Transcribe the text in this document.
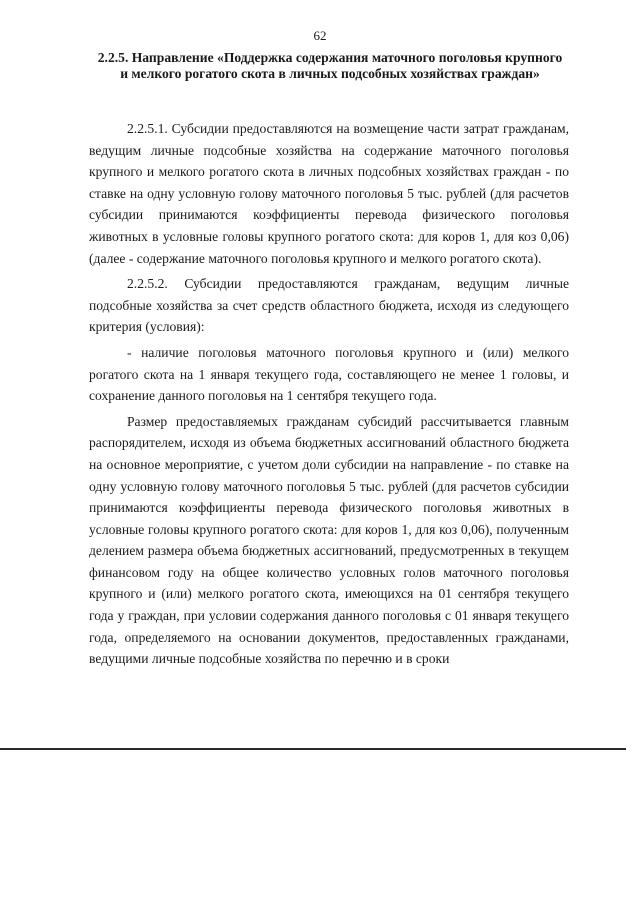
62
2.2.5. Направление «Поддержка содержания маточного поголовья крупного и мелкого рогатого скота в личных подсобных хозяйствах граждан»

2.2.5.1. Субсидии предоставляются на возмещение части затрат гражданам, ведущим личные подсобные хозяйства на содержание маточного поголовья крупного и мелкого рогатого скота в личных подсобных хозяйствах граждан - по ставке на одну условную голову маточного поголовья 5 тыс. рублей (для расчетов субсидии принимаются коэффициенты перевода физического поголовья животных в условные головы крупного рогатого скота: для коров 1, для коз 0,06) (далее - содержание маточного поголовья крупного и мелкого рогатого скота).

2.2.5.2. Субсидии предоставляются гражданам, ведущим личные подсобные хозяйства за счет средств областного бюджета, исходя из следующего критерия (условия):

- наличие поголовья маточного поголовья крупного и (или) мелкого рогатого скота на 1 января текущего года, составляющего не менее 1 головы, и сохранение данного поголовья на 1 сентября текущего года.

Размер предоставляемых гражданам субсидий рассчитывается главным распорядителем, исходя из объема бюджетных ассигнований областного бюджета на основное мероприятие, с учетом доли субсидии на направление - по ставке на одну условную голову маточного поголовья 5 тыс. рублей (для расчетов субсидии принимаются коэффициенты перевода физического поголовья животных в условные головы крупного рогатого скота: для коров 1, для коз 0,06), полученным делением размера объема бюджетных ассигнований, предусмотренных в текущем финансовом году на общее количество условных голов маточного поголовья крупного и (или) мелкого рогатого скота, имеющихся на 01 сентября текущего года у граждан, при условии содержания данного поголовья с 01 января текущего года, определяемого на основании документов, предоставленных гражданами, ведущими личные подсобные хозяйства по перечню и в сроки
